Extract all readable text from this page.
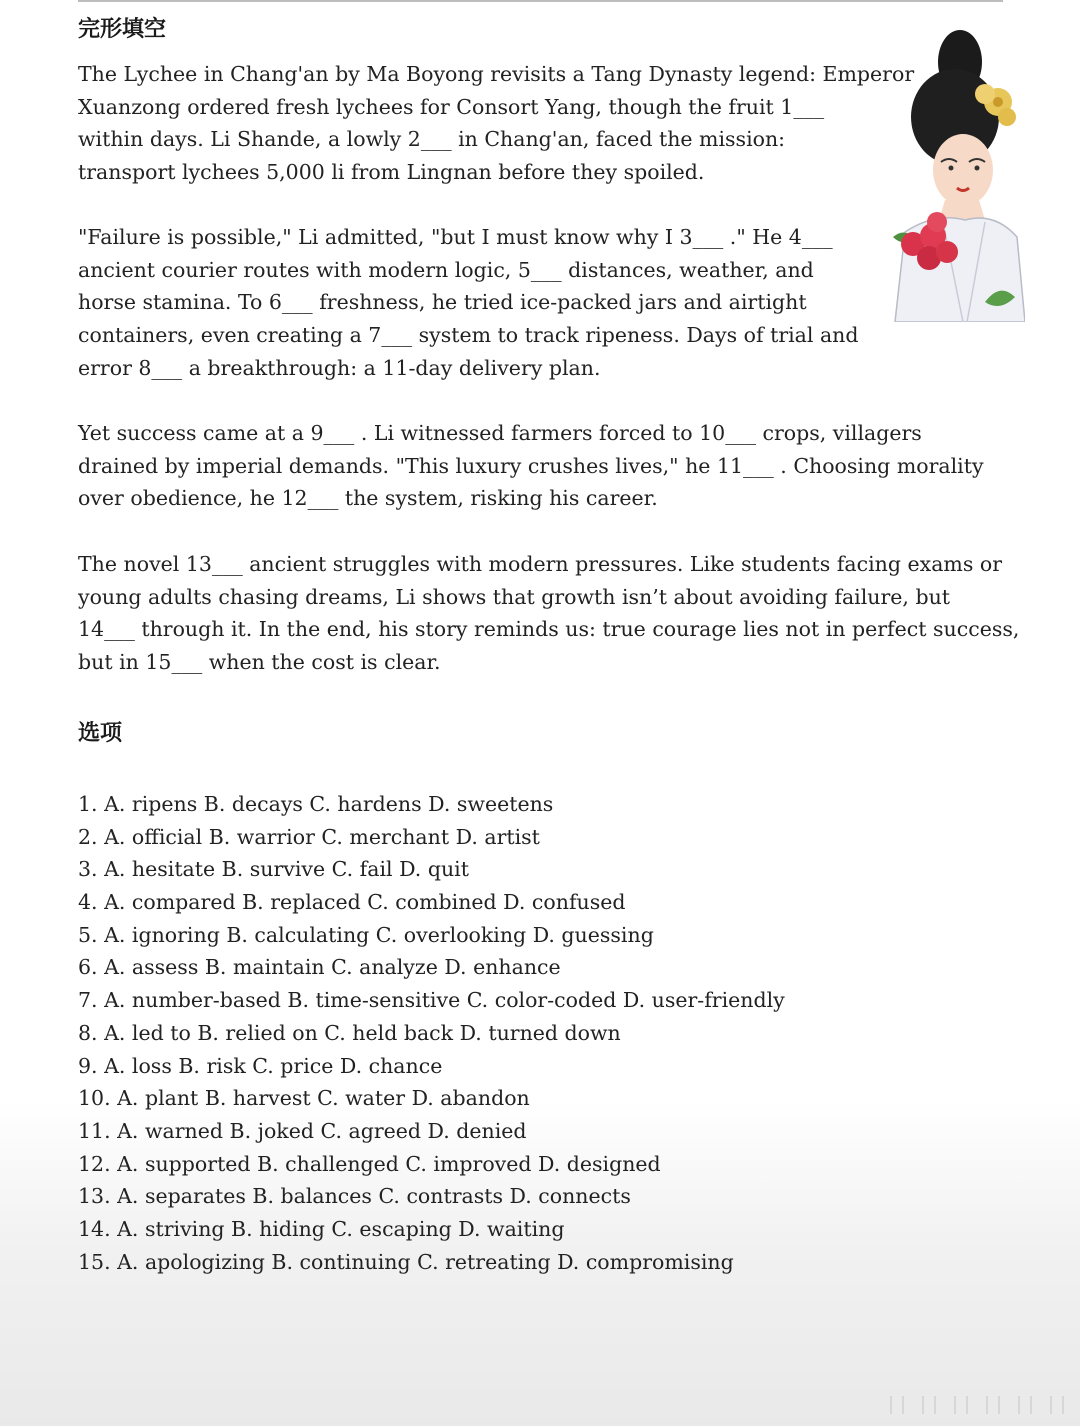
完形填空
The Lychee in Chang'an by Ma Boyong revisits a Tang Dynasty legend: Emperor
Xuanzong ordered fresh lychees for Consort Yang, though the fruit 1___
within days. Li Shande, a lowly 2___ in Chang'an, faced the mission:
transport lychees 5,000 li from Lingnan before they spoiled.
"Failure is possible," Li admitted, "but I must know why I 3___ ." He 4___
ancient courier routes with modern logic, 5___ distances, weather, and
horse stamina. To 6___ freshness, he tried ice-packed jars and airtight
containers, even creating a 7___ system to track ripeness. Days of trial and
error 8___ a breakthrough: a 11-day delivery plan.
Yet success came at a 9___ . Li witnessed farmers forced to 10___ crops, villagers
drained by imperial demands. "This luxury crushes lives," he 11___ . Choosing morality
over obedience, he 12___ the system, risking his career.
The novel 13___ ancient struggles with modern pressures. Like students facing exams or
young adults chasing dreams, Li shows that growth isn’t about avoiding failure, but
14___ through it. In the end, his story reminds us: true courage lies not in perfect success,
but in 15___ when the cost is clear.
选项
1. A. ripens B. decays C. hardens D. sweetens
2. A. official B. warrior C. merchant D. artist
3. A. hesitate B. survive C. fail D. quit
4. A. compared B. replaced C. combined D. confused
5. A. ignoring B. calculating C. overlooking D. guessing
6. A. assess B. maintain C. analyze D. enhance
7. A. number-based B. time-sensitive C. color-coded D. user-friendly
8. A. led to B. relied on C. held back D. turned down
9. A. loss B. risk C. price D. chance
10. A. plant B. harvest C. water D. abandon
11. A. warned B. joked C. agreed D. denied
12. A. supported B. challenged C. improved D. designed
13. A. separates B. balances C. contrasts D. connects
14. A. striving B. hiding C. escaping D. waiting
15. A. apologizing B. continuing C. retreating D. compromising
